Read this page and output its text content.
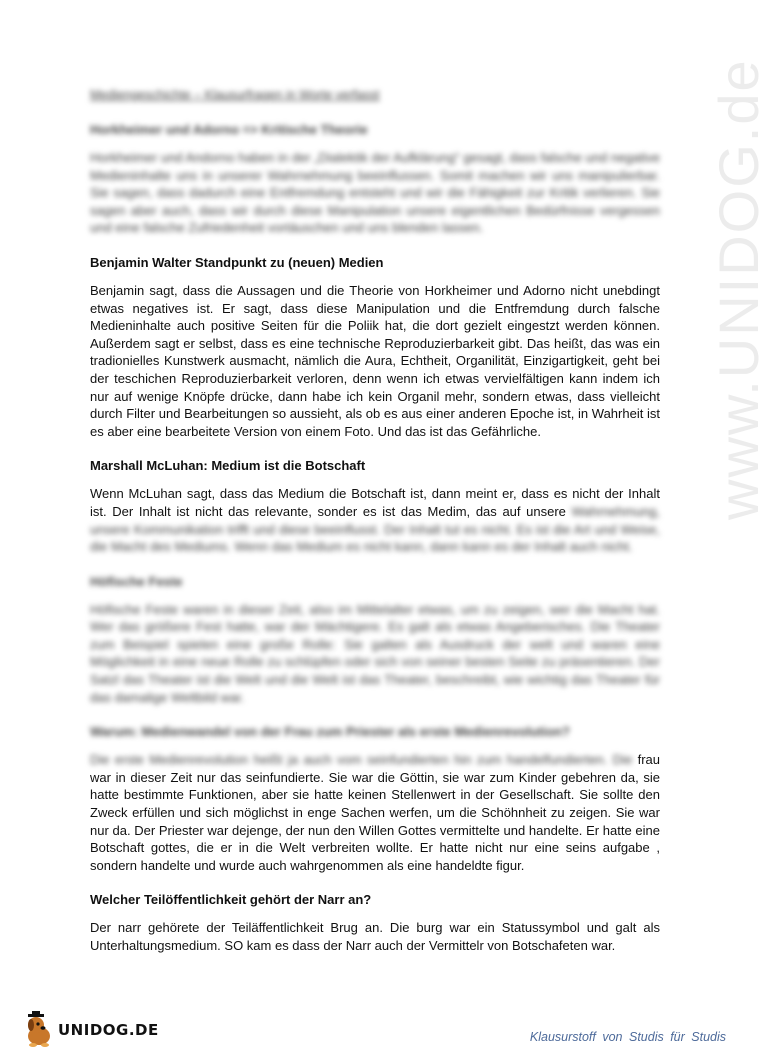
www.UNIDOG.de
Mediengeschichte – Klausurfragen in Worte verfasst
Horkheimer und Adorno => Kritische Theorie
Horkheimer und Andorno haben in der „Dialektik der Aufklärung“ gesagt, dass falsche und negative Medieninhalte uns in unserer Wahrnehmung beeinflussen. Somit machen wir uns manipulierbar. Sie sagen, dass dadurch eine Entfremdung entsteht und wir die Fähigkeit zur Kritik verlieren. Sie sagen aber auch, dass wir durch diese Manipulation unsere eigentlichen Bedürfnisse vergessen und eine falsche Zufriedenheit vortäuschen und uns blenden lassen.
Benjamin Walter Standpunkt zu (neuen) Medien
Benjamin sagt, dass die Aussagen und die Theorie von Horkheimer und Adorno nicht unebdingt etwas negatives ist. Er sagt, dass diese Manipulation und die Entfremdung durch falsche Medieninhalte auch positive Seiten für die Poliik hat, die dort gezielt eingestzt werden können. Außerdem sagt er selbst, dass es eine technische Reproduzierbarkeit gibt. Das heißt, das was ein tradionielles Kunstwerk ausmacht, nämlich die Aura, Echtheit, Organilität, Einzigartigkeit, geht bei der teschichen Reproduzierbarkeit verloren, denn wenn ich etwas vervielfältigen kann indem ich nur auf wenige Knöpfe drücke, dann habe ich kein Organil mehr, sondern etwas, dass vielleicht durch Filter und Bearbeitungen so aussieht, als ob es aus einer anderen Epoche ist, in Wahrheit ist es aber eine bearbeitete Version von einem Foto. Und das ist das Gefährliche.
Marshall McLuhan: Medium ist die Botschaft
Wenn McLuhan sagt, dass das Medium die Botschaft ist, dann meint er, dass es nicht der Inhalt ist. Der Inhalt ist nicht das relevante, sonder es ist das Medim, das auf unsere Wahrnehmung, unsere Kommunikation trifft und diese beeinflusst. Der Inhalt tut es nicht. Es ist die Art und Weise, die Macht des Mediums. Wenn das Medium es nicht kann, dann kann es der Inhalt auch nicht.
Höfische Feste
Höfische Feste waren in dieser Zeit, also im Mittelalter etwas, um zu zeigen, wer die Macht hat. Wer das größere Fest hatte, war der Mächtigere. Es galt als etwas Angeberisches. Die Theater zum Beispiel spielen eine große Rolle: Sie galten als Ausdruck der welt und waren eine Möglichkeit in eine neue Rolle zu schlüpfen oder sich von seiner besten Seite zu präsentieren. Der Satzl das Theater ist die Welt und die Welt ist das Theater, beschreibt, wie wichtig das Theater für das damalige Weltbild war.
Warum: Medienwandel von der Frau zum Priester als erste Medienrevolution?
Die erste Medienrevolution heißt ja auch vom seinfundierten hin zum handelfundierten. Die frau war in dieser Zeit nur das seinfundierte. Sie war die Göttin, sie war zum Kinder gebehren da, sie hatte bestimmte Funktionen, aber sie hatte keinen Stellenwert in der Gesellschaft. Sie sollte den Zweck erfüllen und sich möglichst in enge Sachen werfen, um die Schöhnheit zu zeigen. Sie war nur da. Der Priester war dejenge, der nun den Willen Gottes vermittelte und handelte. Er hatte eine Botschaft gottes, die er in die Welt verbreiten wollte. Er hatte nicht nur eine seins aufgabe , sondern handelte und wurde auch wahrgenommen als eine handeldte figur.
Welcher Teilöffentlichkeit gehört der Narr an?
Der narr gehörete der Teiläffentlichkeit Brug an. Die burg war ein Statussymbol und galt als Unterhaltungsmedium. SO kam es dass der Narr auch der Vermittelr von Botschafeten war.
UNIDOG.DE	Klausurstoff von Studis für Studis
